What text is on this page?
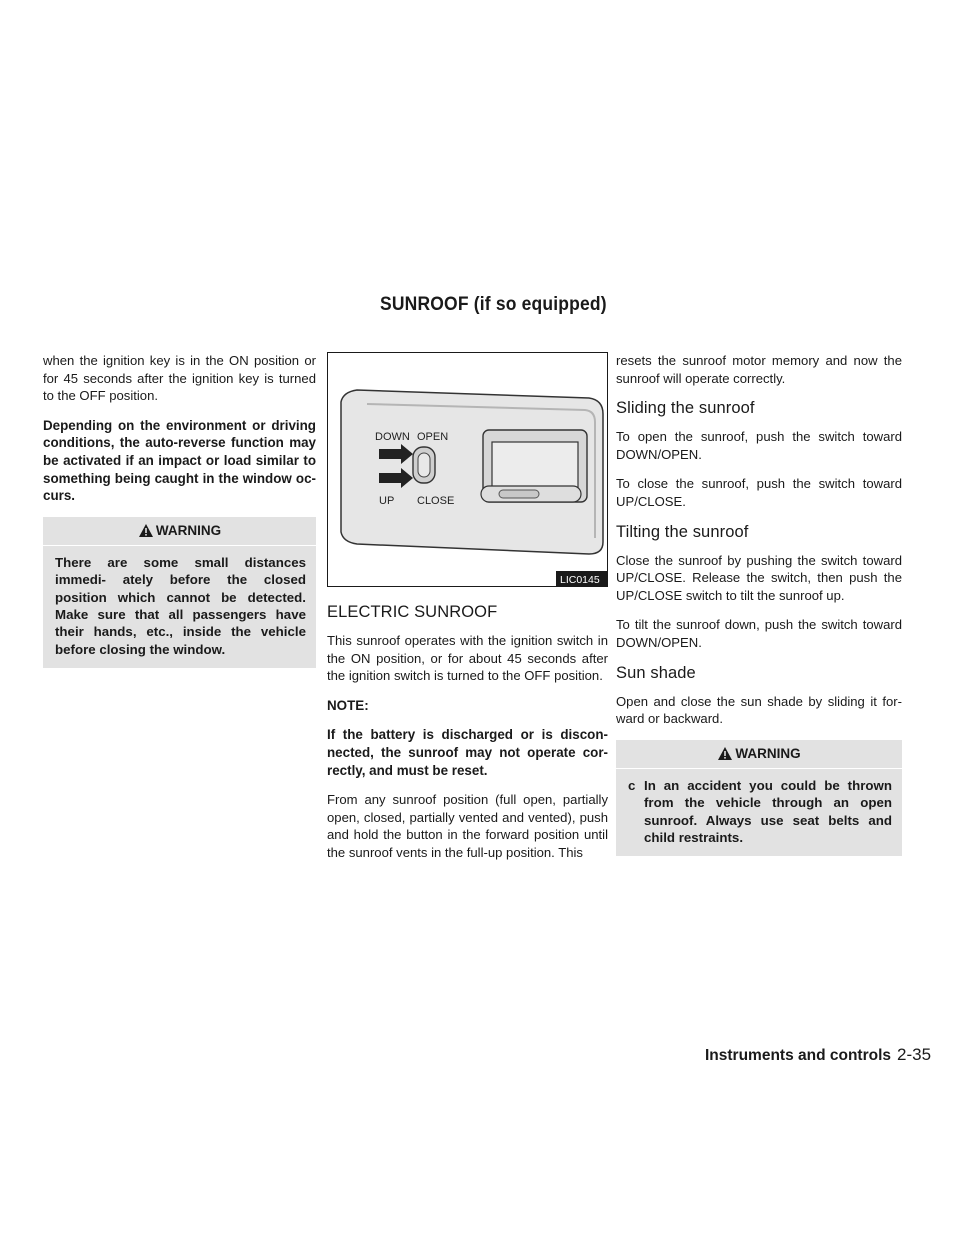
SUNROOF (if so equipped)

when the ignition key is in the ON position or for 45 seconds after the ignition key is turned to the OFF position.

Depending on the environment or driving conditions, the auto-reverse function may be activated if an impact or load similar to something being caught in the window oc- curs.

WARNING
There are some small distances immedi- ately before the closed position which cannot be detected. Make sure that all passengers have their hands, etc., inside the vehicle before closing the window.
DOWN OPEN
UP CLOSE
LIC0145
ELECTRIC SUNROOF

This sunroof operates with the ignition switch in the ON position, or for about 45 seconds after the ignition switch is turned to the OFF position.

NOTE:

If the battery is discharged or is discon- nected, the sunroof may not operate cor- rectly, and must be reset.

From any sunroof position (full open, partially open, closed, partially vented and vented), push and hold the button in the forward position until the sunroof vents in the full-up position. This

resets the sunroof motor memory and now the sunroof will operate correctly.

Sliding the sunroof

To open the sunroof, push the switch toward DOWN/OPEN.

To close the sunroof, push the switch toward UP/CLOSE.

Tilting the sunroof

Close the sunroof by pushing the switch toward UP/CLOSE. Release the switch, then push the UP/CLOSE switch to tilt the sunroof up.

To tilt the sunroof down, push the switch toward DOWN/OPEN.

Sun shade

Open and close the sun shade by sliding it for- ward or backward.

WARNING
c In an accident you could be thrown from the vehicle through an open sunroof. Always use seat belts and child restraints.
Instruments and controls 2-35
